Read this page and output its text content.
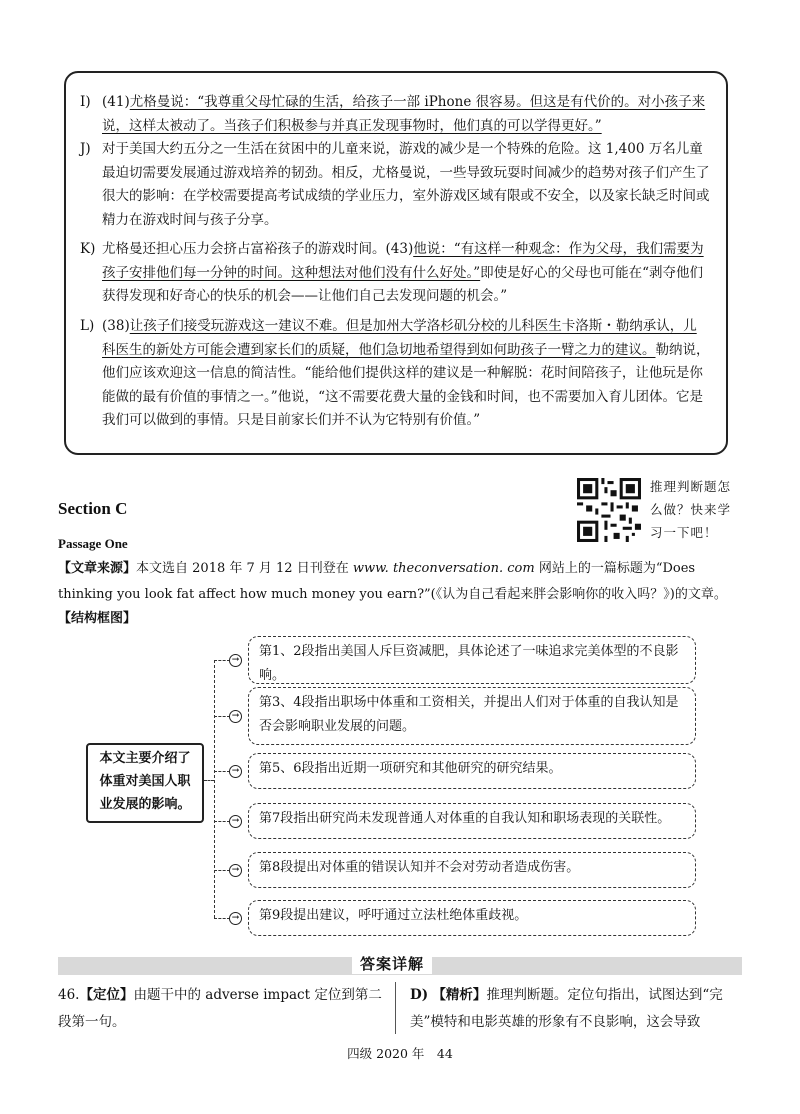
I) (41)尤格曼说：“我尊重父母忙碌的生活，给孩子一部 iPhone 很容易。但这是有代价的。对小孩子来说，这样太被动了。当孩子们积极参与并真正发现事物时，他们真的可以学得更好。”
J) 对于美国大约五分之一生活在贫困中的儿童来说，游戏的减少是一个特殊的危险。这 1,400 万名儿童最迫切需要发展通过游戏培养的韧劲。相反，尤格曼说，一些导致玩耍时间减少的趋势对孩子们产生了很大的影响：在学校需要提高考试成绩的学业压力，室外游戏区域有限或不安全，以及家长缺乏时间或精力在游戏时间与孩子分享。
K) 尤格曼还担心压力会挤占富裕孩子的游戏时间。(43)他说：“有这样一种观念：作为父母，我们需要为孩子安排他们每一分钟的时间。这种想法对他们没有什么好处。”即使是好心的父母也可能在“剥夺他们获得发现和好奇心的快乐的机会——让他们自己去发现问题的机会。”
L) (38)让孩子们接受玩游戏这一建议不难。但是加州大学洛杉矶分校的儿科医生卡洛斯・勒纳承认，儿科医生的新处方可能会遭到家长们的质疑，他们急切地希望得到如何助孩子一臂之力的建议。勒纳说，他们应该欢迎这一信息的简洁性。“能给他们提供这样的建议是一种解脱：花时间陪孩子，让他玩是你能做的最有价值的事情之一。”他说，“这不需要花费大量的金钱和时间，也不需要加入育儿团体。它是我们可以做到的事情。只是目前家长们并不认为它特别有价值。”
推理判断题怎么做？快来学习一下吧！
Section C
Passage One
【文章来源】本文选自 2018 年 7 月 12 日刊登在 www. theconversation. com 网站上的一篇标题为“Does thinking you look fat affect how much money you earn?”(《认为自己看起来胖会影响你的收入吗？》)的文章。
【结构框图】
本文主要介绍了体重对美国人职业发展的影响。
→
第1、2段指出美国人斥巨资减肥，具体论述了一味追求完美体型的不良影响。
→
第3、4段指出职场中体重和工资相关，并提出人们对于体重的自我认知是否会影响职业发展的问题。
→	第5、6段指出近期一项研究和其他研究的研究结果。
→	第7段指出研究尚未发现普通人对体重的自我认知和职场表现的关联性。
→	第8段提出对体重的错误认知并不会对劳动者造成伤害。
→	第9段提出建议，呼吁通过立法杜绝体重歧视。
答案详解
46.【定位】由题干中的 adverse impact 定位到第二段第一句。
D) 【精析】推理判断题。定位句指出，试图达到“完美”模特和电影英雄的形象有不良影响，这会导致
四级 2020 年　44
